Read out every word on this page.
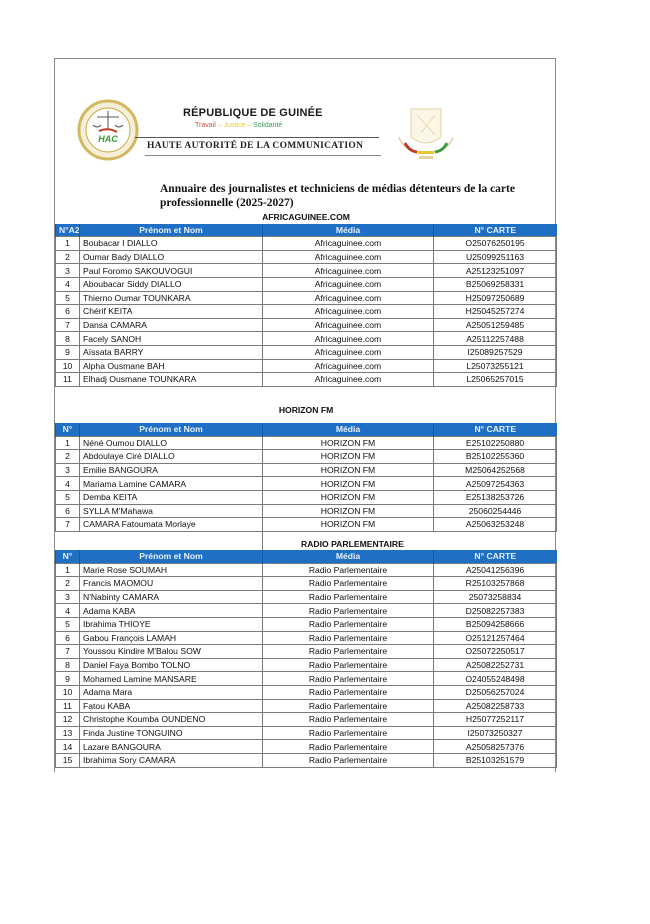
HAC
RÉPUBLIQUE DE GUINÉE
Travail – Justice – Solidarité
HAUTE AUTORITÉ DE LA COMMUNICATION
Annuaire des journalistes et techniciens de médias détenteurs de la carte professionnelle (2025-2027)
AFRICAGUINEE.COM			
N°A2	Prénom et Nom	Média	N° CARTE
1	Boubacar I DIALLO	Africaguinee.com	O25076250195
2	Oumar Bady DIALLO	Africaguinee.com	U25099251163
3	Paul Foromo SAKOUVOGUI	Africaguinee.com	A25123251097
4	Aboubacar Siddy DIALLO	Africaguinee.com	B25069258331
5	Thierno Oumar TOUNKARA	Africaguinee.com	H25097250689
6	Chérif KEITA	Africaguinee.com	H25045257274
7	Dansa CAMARA	Africaguinee.com	A25051259485
8	Facely SANOH	Africaguinee.com	A25112257488
9	Aïssata BARRY	Africaguinee.com	I25089257529
10	Alpha Ousmane BAH	Africaguinee.com	L25073255121
11	Elhadj Ousmane TOUNKARA	Africaguinee.com	L25065257015
HORIZON FM			
N°	Prénom et Nom	Média	N° CARTE
1	Néné Oumou DIALLO	HORIZON FM	E25102250880
2	Abdoulaye Ciré DIALLO	HORIZON FM	B25102255360
3	Emilie BANGOURA	HORIZON FM	M25064252568
4	Mariama Lamine CAMARA	HORIZON FM	A25097254363
5	Demba KEITA	HORIZON FM	E25138253726
6	SYLLA M'Mahawa	HORIZON FM	25060254446
7	CAMARA Fatoumata Morlaye	HORIZON FM	A25063253248
		RADIO PARLEMENTAIRE	
N°	Prénom et Nom	Média	N° CARTE
1	Marie Rose SOUMAH	Radio Parlementaire	A25041256396
2	Francis MAOMOU	Radio Parlementaire	R25103257868
3	N'Nabinty CAMARA	Radio Parlementaire	25073258834
4	Adama KABA	Radio Parlementaire	D25082257383
5	Ibrahima THIOYE	Radio Parlementaire	B25094258666
6	Gabou François LAMAH	Radio Parlementaire	O25121257464
7	Youssou Kindire M'Balou SOW	Radio Parlementaire	O25072250517
8	Daniel Faya Bombo TOLNO	Radio Parlementaire	A25082252731
9	Mohamed Lamine MANSARE	Radio Parlementaire	O24055248498
10	Adama Mara	Radio Parlementaire	D25056257024
11	Fatou KABA	Radio Parlementaire	A25082258733
12	Christophe Koumba OUNDENO	Radio Parlementaire	H25077252117
13	Finda Justine TONGUINO	Radio Parlementaire	I25073250327
14	Lazare BANGOURA	Radio Parlementaire	A25058257376
15	Ibrahima Sory CAMARA	Radio Parlementaire	B25103251579
